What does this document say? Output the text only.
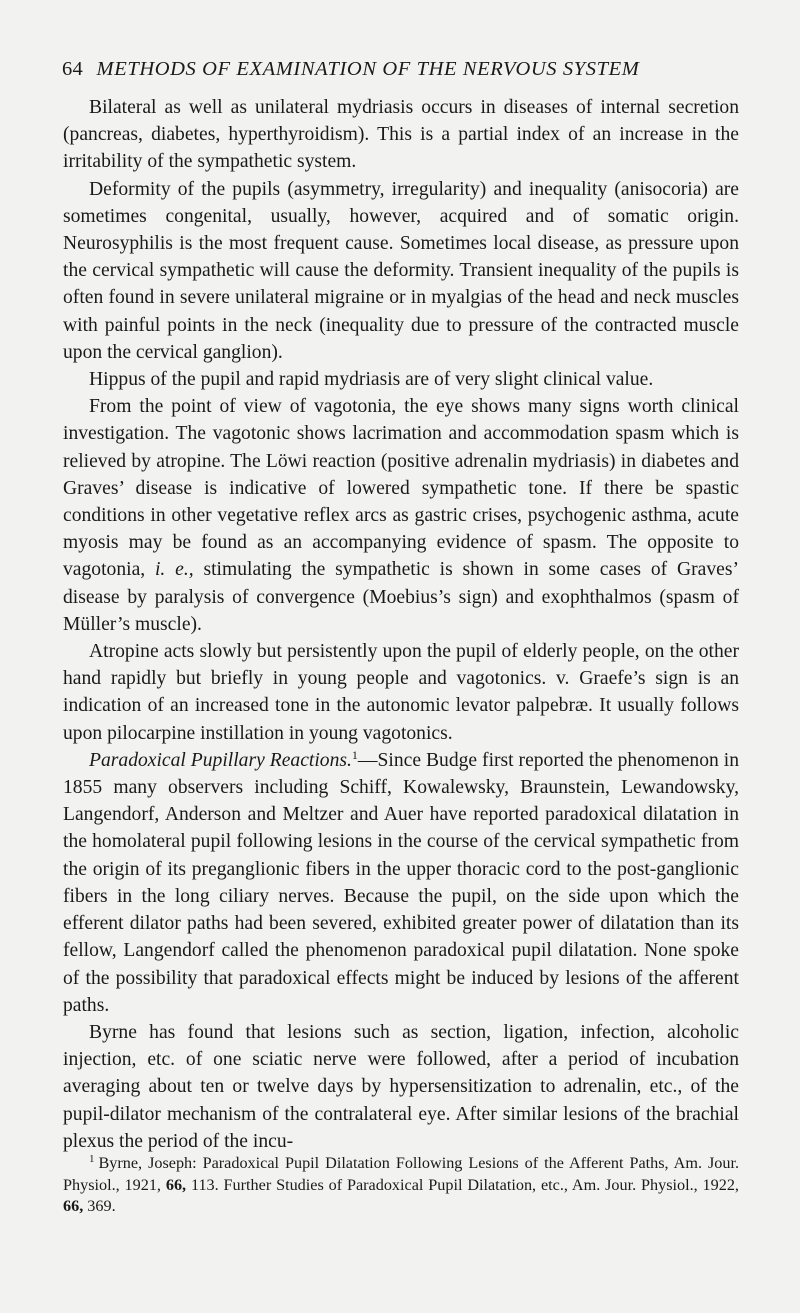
64 METHODS OF EXAMINATION OF THE NERVOUS SYSTEM

Bilateral as well as unilateral mydriasis occurs in diseases of internal secretion (pancreas, diabetes, hyperthyroidism). This is a partial index of an increase in the irritability of the sympathetic system.

Deformity of the pupils (asymmetry, irregularity) and inequality (anisocoria) are sometimes congenital, usually, however, acquired and of somatic origin. Neurosyphilis is the most frequent cause. Sometimes local disease, as pressure upon the cervical sympathetic will cause the deformity. Transient inequality of the pupils is often found in severe unilateral migraine or in myalgias of the head and neck muscles with painful points in the neck (inequality due to pressure of the contracted muscle upon the cervical ganglion).

Hippus of the pupil and rapid mydriasis are of very slight clinical value.

From the point of view of vagotonia, the eye shows many signs worth clinical investigation. The vagotonic shows lacrimation and accommodation spasm which is relieved by atropine. The Löwi reaction (positive adrenalin mydriasis) in diabetes and Graves’ disease is indicative of lowered sympathetic tone. If there be spastic conditions in other vegetative reflex arcs as gastric crises, psychogenic asthma, acute myosis may be found as an accompanying evidence of spasm. The opposite to vagotonia, i. e., stimulating the sympathetic is shown in some cases of Graves’ disease by paralysis of convergence (Moebius’s sign) and exophthalmos (spasm of Müller’s muscle).

Atropine acts slowly but persistently upon the pupil of elderly people, on the other hand rapidly but briefly in young people and vagotonics. v. Graefe’s sign is an indication of an increased tone in the autonomic levator palpebræ. It usually follows upon pilocarpine instillation in young vagotonics.

Paradoxical Pupillary Reactions.$^1$—Since Budge first reported the phenomenon in 1855 many observers including Schiff, Kowalewsky, Braunstein, Lewandowsky, Langendorf, Anderson and Meltzer and Auer have reported paradoxical dilatation in the homolateral pupil following lesions in the course of the cervical sympathetic from the origin of its preganglionic fibers in the upper thoracic cord to the post-ganglionic fibers in the long ciliary nerves. Because the pupil, on the side upon which the efferent dilator paths had been severed, exhibited greater power of dilatation than its fellow, Langendorf called the phenomenon paradoxical pupil dilatation. None spoke of the possibility that paradoxical effects might be induced by lesions of the afferent paths.

Byrne has found that lesions such as section, ligation, infection, alcoholic injection, etc. of one sciatic nerve were followed, after a period of incubation averaging about ten or twelve days by hypersensitization to adrenalin, etc., of the pupil-dilator mechanism of the contralateral eye. After similar lesions of the brachial plexus the period of the incu-

$^1$ Byrne, Joseph: Paradoxical Pupil Dilatation Following Lesions of the Afferent Paths, Am. Jour. Physiol., 1921, 66, 113. Further Studies of Paradoxical Pupil Dilatation, etc., Am. Jour. Physiol., 1922, 66, 369.
